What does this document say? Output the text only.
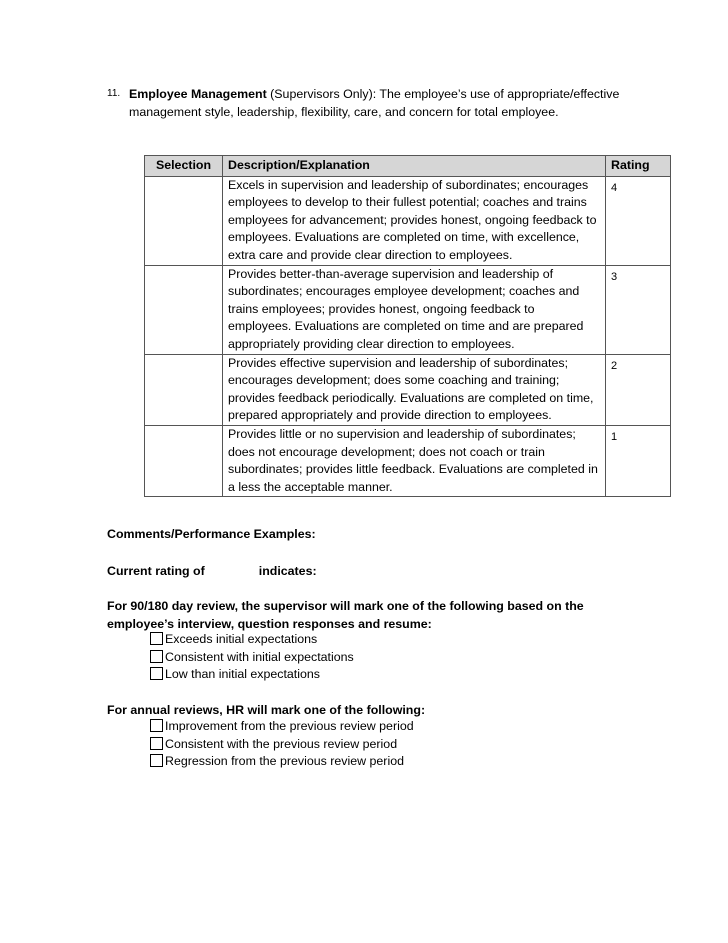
11. Employee Management (Supervisors Only): The employee’s use of appropriate/effective management style, leadership, flexibility, care, and concern for total employee.
Selection	Description/Explanation	Rating
	Excels in supervision and leadership of subordinates; encourages employees to develop to their fullest potential; coaches and trains employees for advancement; provides honest, ongoing feedback to employees. Evaluations are completed on time, with excellence, extra care and provide clear direction to employees.	4
	Provides better-than-average supervision and leadership of subordinates; encourages employee development; coaches and trains employees; provides honest, ongoing feedback to employees. Evaluations are completed on time and are prepared appropriately providing clear direction to employees.	3
	Provides effective supervision and leadership of subordinates; encourages development; does some coaching and training; provides feedback periodically. Evaluations are completed on time, prepared appropriately and provide direction to employees.	2
	Provides little or no supervision and leadership of subordinates; does not encourage development; does not coach or train subordinates; provides little feedback. Evaluations are completed in a less the acceptable manner.	1
Comments/Performance Examples:
Current rating of	indicates:
For 90/180 day review, the supervisor will mark one of the following based on the employee’s interview, question responses and resume:
Exceeds initial expectations
Consistent with initial expectations
Low than initial expectations
For annual reviews, HR will mark one of the following:
Improvement from the previous review period
Consistent with the previous review period
Regression from the previous review period
